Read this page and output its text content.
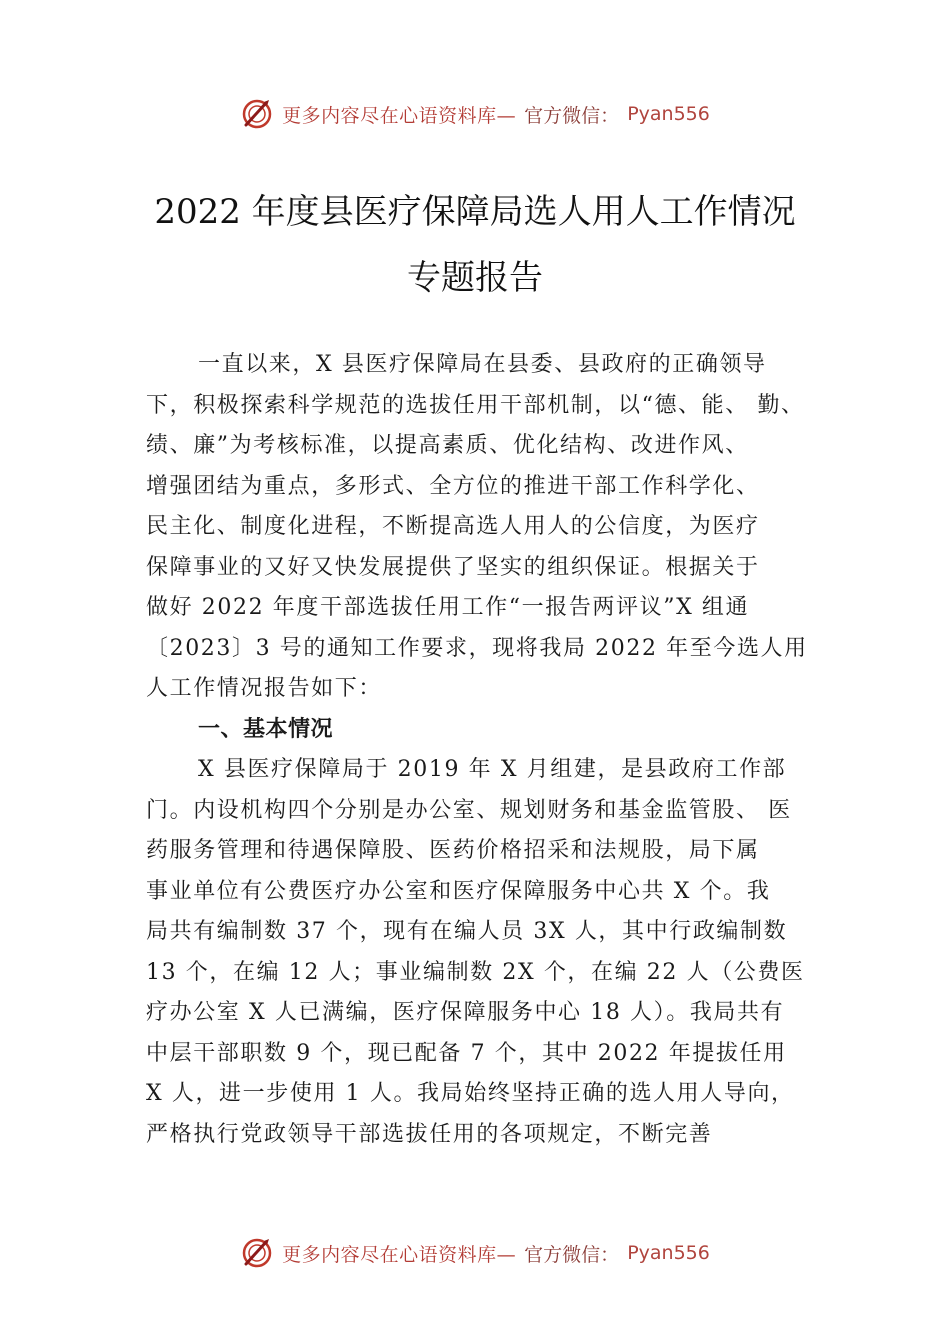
更多内容尽在心语资料库— 官方微信： Pyan556
2022 年度县医疗保障局选人用人工作情况
专题报告
一直以来，X 县医疗保障局在县委、县政府的正确领导
下，积极探索科学规范的选拔任用干部机制，以“德、能、 勤、
绩、廉”为考核标准，以提高素质、优化结构、改进作风、
增强团结为重点，多形式、全方位的推进干部工作科学化、
民主化、制度化进程，不断提高选人用人的公信度，为医疗
保障事业的又好又快发展提供了坚实的组织保证。根据关于
做好 2022 年度干部选拔任用工作“一报告两评议”X 组通
〔2023〕3 号的通知工作要求，现将我局 2022 年至今选人用
人工作情况报告如下：
一、基本情况
X 县医疗保障局于 2019 年 X 月组建，是县政府工作部
门。内设机构四个分别是办公室、规划财务和基金监管股、 医
药服务管理和待遇保障股、医药价格招采和法规股，局下属
事业单位有公费医疗办公室和医疗保障服务中心共 X 个。我
局共有编制数 37 个，现有在编人员 3X 人，其中行政编制数
13 个，在编 12 人；事业编制数 2X 个，在编 22 人（公费医
疗办公室 X 人已满编，医疗保障服务中心 18 人）。我局共有
中层干部职数 9 个，现已配备 7 个，其中 2022 年提拔任用
X 人，进一步使用 1 人。我局始终坚持正确的选人用人导向，
严格执行党政领导干部选拔任用的各项规定，不断完善
更多内容尽在心语资料库— 官方微信： Pyan556
